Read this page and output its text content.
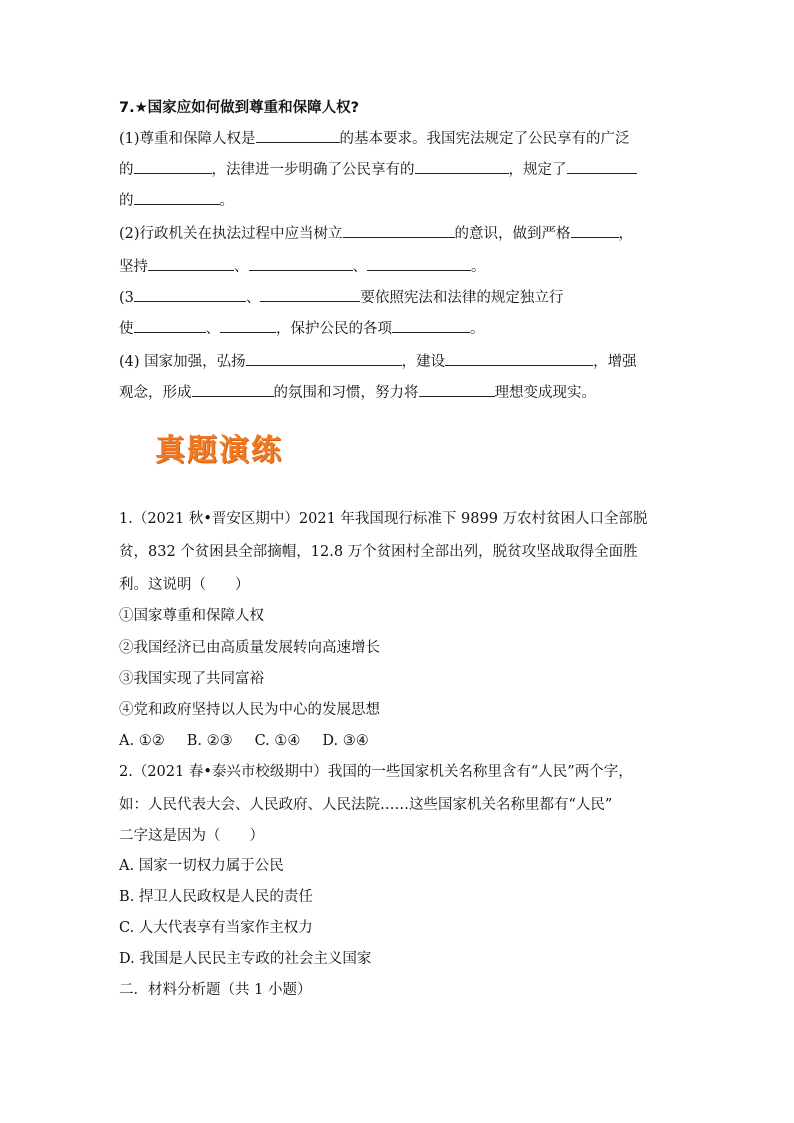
7.★国家应如何做到尊重和保障人权?
(1)尊重和保障人权是	的基本要求。我国宪法规定了公民享有的广泛
的	，法律进一步明确了公民享有的	，规定了
的	。
(2)行政机关在执法过程中应当树立	的意识，做到严格	，
坚持	、	、	。
(3	、	要依照宪法和法律的规定独立行
使	、	，保护公民的各项	。
(4) 国家加强，弘扬	，建设	，增强
观念，形成	的氛围和习惯，努力将	理想变成现实。
真题演练
1.（2021 秋•晋安区期中）2021 年我国现行标准下 9899 万农村贫困人口全部脱
贫，832 个贫困县全部摘帽，12.8 万个贫困村全部出列，脱贫攻坚战取得全面胜
利。这说明（　　）
①国家尊重和保障人权
②我国经济已由高质量发展转向高速增长
③我国实现了共同富裕
④党和政府坚持以人民为中心的发展思想
A. ①② B. ②③ C. ①④ D. ③④
2.（2021 春•泰兴市校级期中）我国的一些国家机关名称里含有“人民”两个字，
如：人民代表大会、人民政府、人民法院……这些国家机关名称里都有“人民”
二字这是因为（　　）
A. 国家一切权力属于公民
B. 捍卫人民政权是人民的责任
C. 人大代表享有当家作主权力
D. 我国是人民民主专政的社会主义国家
二．材料分析题（共 1 小题）
